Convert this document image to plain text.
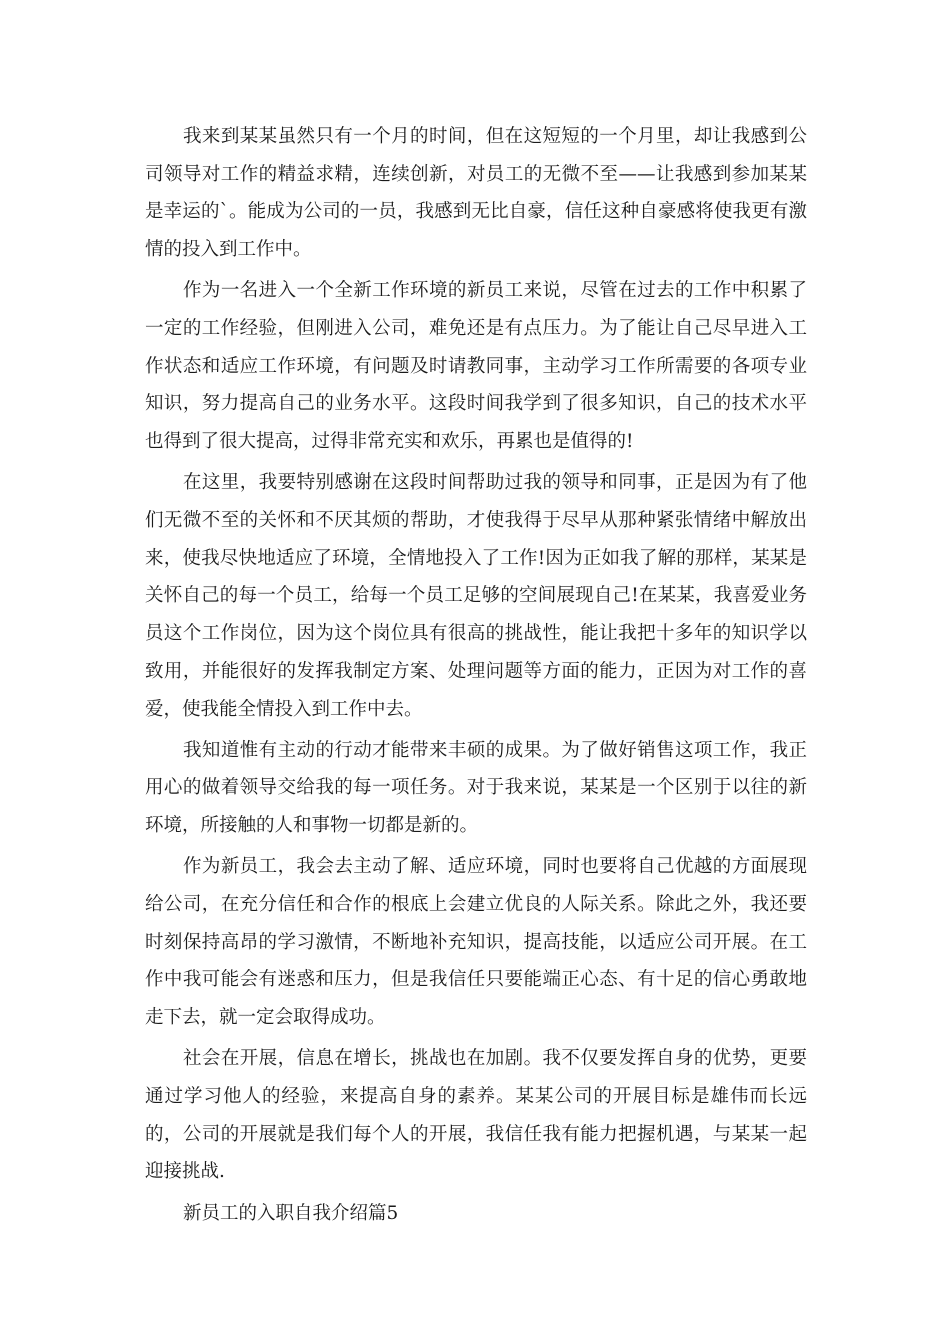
我来到某某虽然只有一个月的时间，但在这短短的一个月里，却让我感到公司领导对工作的精益求精，连续创新，对员工的无微不至——让我感到参加某某是幸运的`。能成为公司的一员，我感到无比自豪，信任这种自豪感将使我更有激情的投入到工作中。

作为一名进入一个全新工作环境的新员工来说，尽管在过去的工作中积累了一定的工作经验，但刚进入公司，难免还是有点压力。为了能让自己尽早进入工作状态和适应工作环境，有问题及时请教同事，主动学习工作所需要的各项专业知识，努力提高自己的业务水平。这段时间我学到了很多知识，自己的技术水平也得到了很大提高，过得非常充实和欢乐，再累也是值得的!

在这里，我要特别感谢在这段时间帮助过我的领导和同事，正是因为有了他们无微不至的关怀和不厌其烦的帮助，才使我得于尽早从那种紧张情绪中解放出来，使我尽快地适应了环境，全情地投入了工作!因为正如我了解的那样，某某是关怀自己的每一个员工，给每一个员工足够的空间展现自己!在某某，我喜爱业务员这个工作岗位，因为这个岗位具有很高的挑战性，能让我把十多年的知识学以致用，并能很好的发挥我制定方案、处理问题等方面的能力，正因为对工作的喜爱，使我能全情投入到工作中去。

我知道惟有主动的行动才能带来丰硕的成果。为了做好销售这项工作，我正用心的做着领导交给我的每一项任务。对于我来说，某某是一个区别于以往的新环境，所接触的人和事物一切都是新的。

作为新员工，我会去主动了解、适应环境，同时也要将自己优越的方面展现给公司，在充分信任和合作的根底上会建立优良的人际关系。除此之外，我还要时刻保持高昂的学习激情，不断地补充知识，提高技能，以适应公司开展。在工作中我可能会有迷惑和压力，但是我信任只要能端正心态、有十足的信心勇敢地走下去，就一定会取得成功。

社会在开展，信息在增长，挑战也在加剧。我不仅要发挥自身的优势，更要通过学习他人的经验，来提高自身的素养。某某公司的开展目标是雄伟而长远的，公司的开展就是我们每个人的开展，我信任我有能力把握机遇，与某某一起迎接挑战.

新员工的入职自我介绍篇5
